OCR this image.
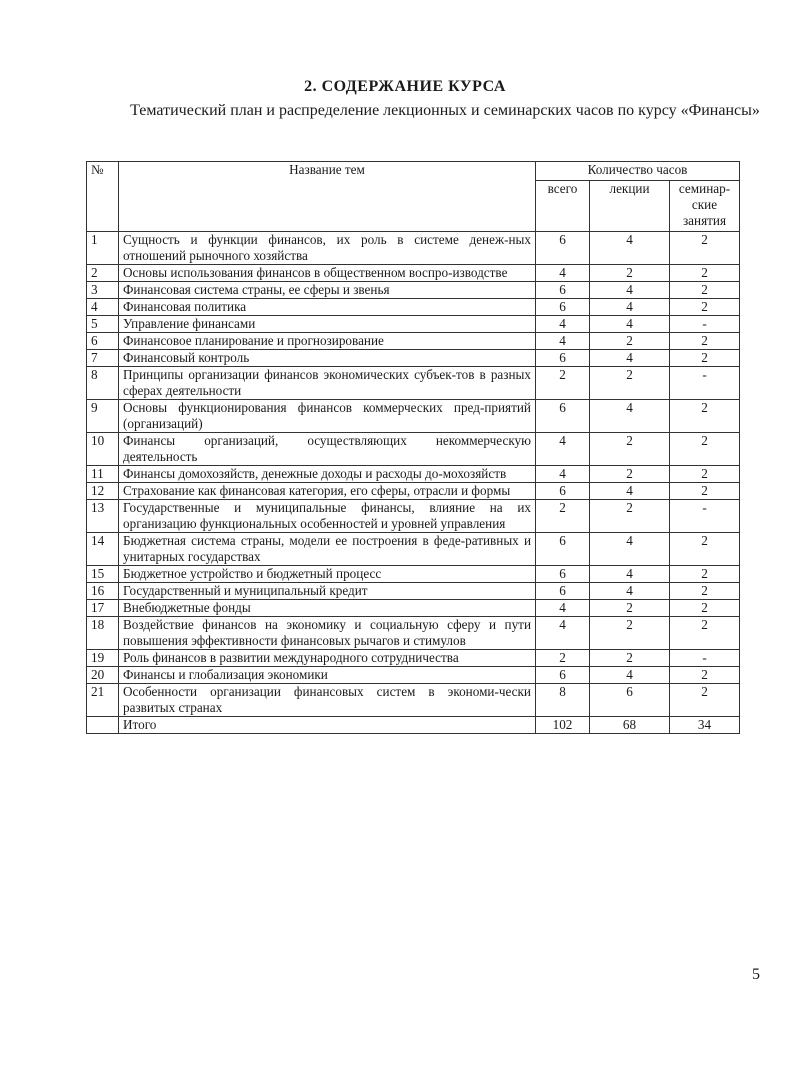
2. СОДЕРЖАНИЕ КУРСА
Тематический план и распределение лекционных и семинарских часов по курсу «Финансы»
№	Название тем	Количество часов		
		всего	лекции	семинар-ские занятия
1	Сущность и функции финансов, их роль в системе денеж-ных отношений рыночного хозяйства	6	4	2
2	Основы использования финансов в общественном воспро-изводстве	4	2	2
3	Финансовая система страны, ее сферы и звенья	6	4	2
4	Финансовая политика	6	4	2
5	Управление финансами	4	4	-
6	Финансовое планирование и прогнозирование	4	2	2
7	Финансовый контроль	6	4	2
8	Принципы организации финансов экономических субъек-тов в разных сферах деятельности	2	2	-
9	Основы функционирования финансов коммерческих пред-приятий (организаций)	6	4	2
10	Финансы организаций, осуществляющих некоммерческую деятельность	4	2	2
11	Финансы домохозяйств, денежные доходы и расходы до-мохозяйств	4	2	2
12	Страхование как финансовая категория, его сферы, отрасли и формы	6	4	2
13	Государственные и муниципальные финансы, влияние на их организацию функциональных особенностей и уровней управления	2	2	-
14	Бюджетная система страны, модели ее построения в феде-ративных и унитарных государствах	6	4	2
15	Бюджетное устройство и бюджетный процесс	6	4	2
16	Государственный и муниципальный кредит	6	4	2
17	Внебюджетные фонды	4	2	2
18	Воздействие финансов на экономику и социальную сферу и пути повышения эффективности финансовых рычагов и стимулов	4	2	2
19	Роль финансов в развитии международного сотрудничества	2	2	-
20	Финансы и глобализация экономики	6	4	2
21	Особенности организации финансовых систем в экономи-чески развитых странах	8	6	2
	Итого	102	68	34
5
